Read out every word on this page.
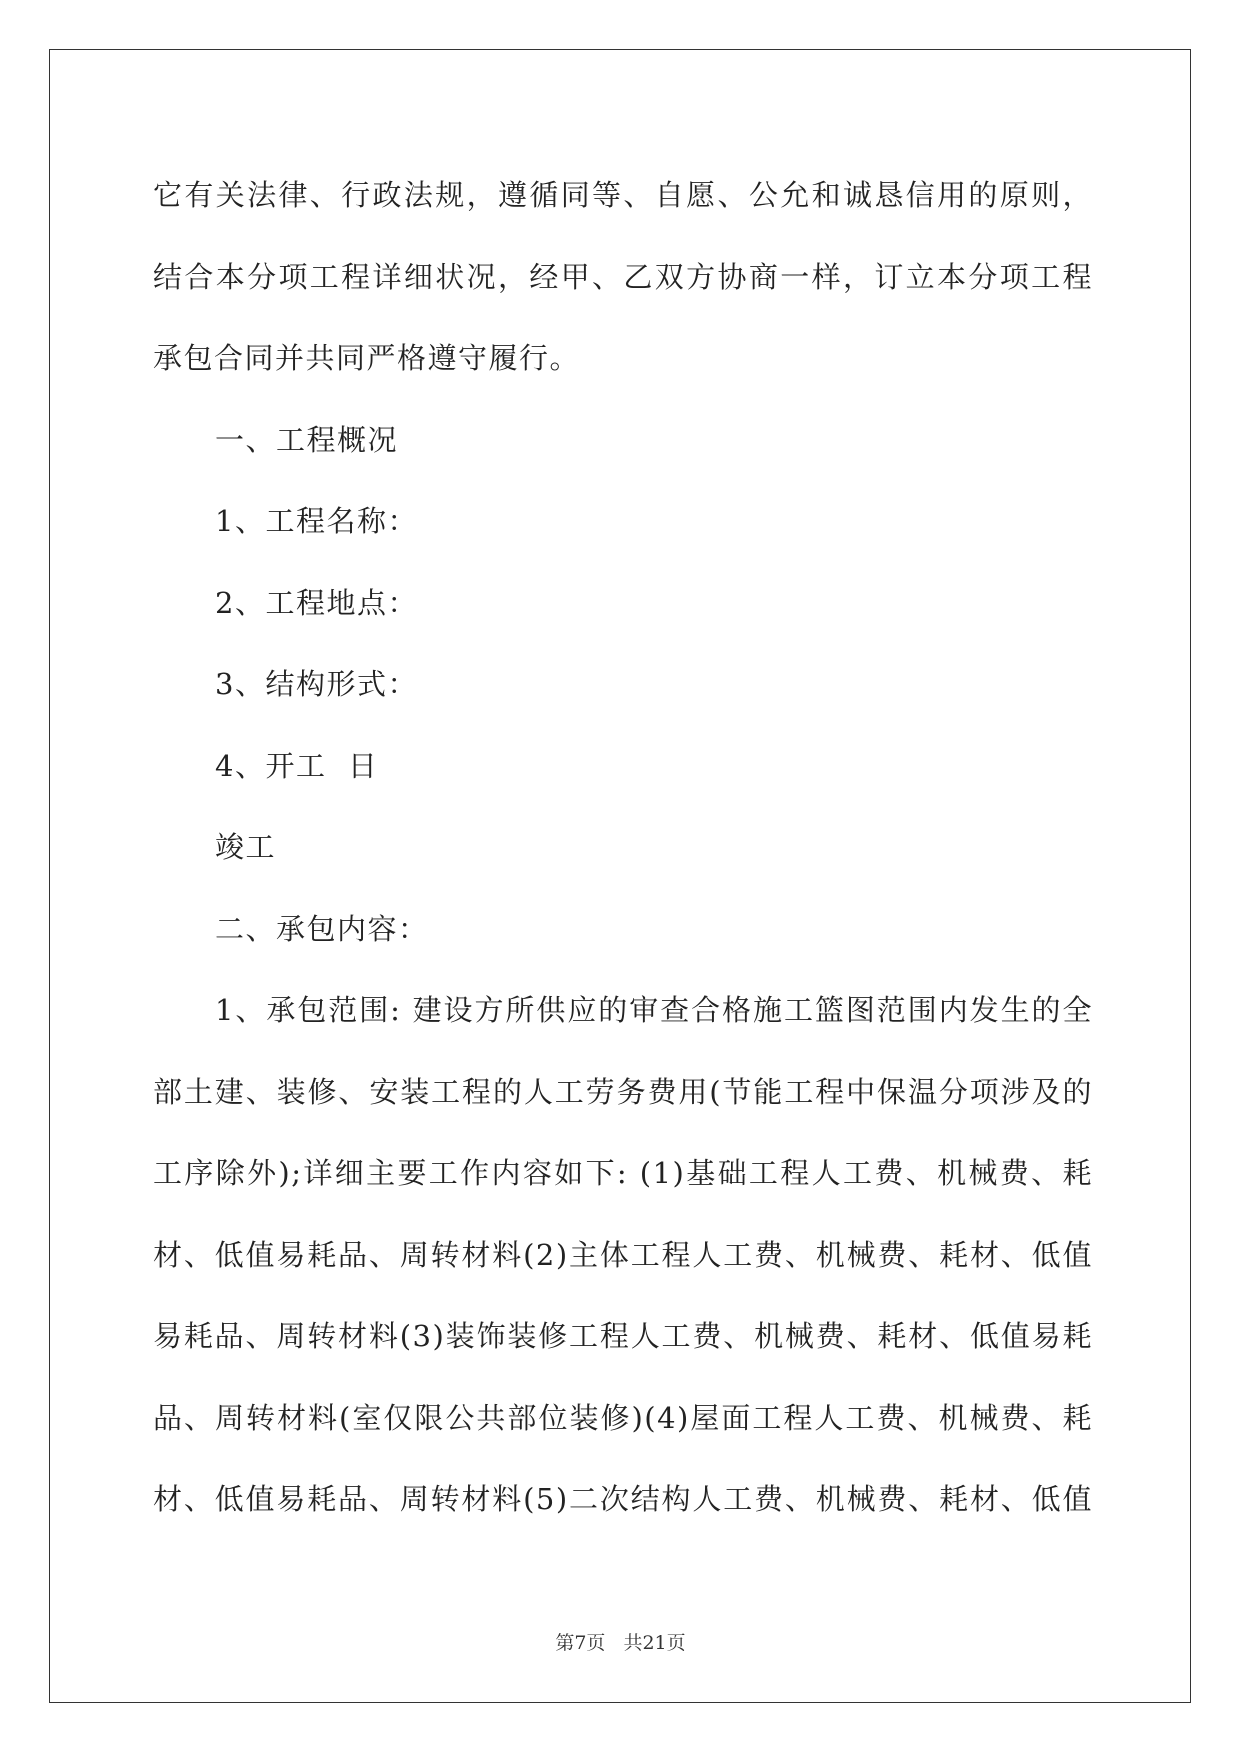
它有关法律、行政法规，遵循同等、自愿、公允和诚恳信用的原则，

结合本分项工程详细状况，经甲、乙双方协商一样，订立本分项工程

承包合同并共同严格遵守履行。

一、工程概况

1、工程名称：

2、工程地点：

3、结构形式：

4、开工  日

竣工

二、承包内容：

1、承包范围: 建设方所供应的审查合格施工篮图范围内发生的全

部土建、装修、安装工程的人工劳务费用(节能工程中保温分项涉及的

工序除外);详细主要工作内容如下: (1)基础工程人工费、机械费、耗

材、低值易耗品、周转材料(2)主体工程人工费、机械费、耗材、低值

易耗品、周转材料(3)装饰装修工程人工费、机械费、耗材、低值易耗

品、周转材料(室仅限公共部位装修)(4)屋面工程人工费、机械费、耗

材、低值易耗品、周转材料(5)二次结构人工费、机械费、耗材、低值

第7页 共21页
